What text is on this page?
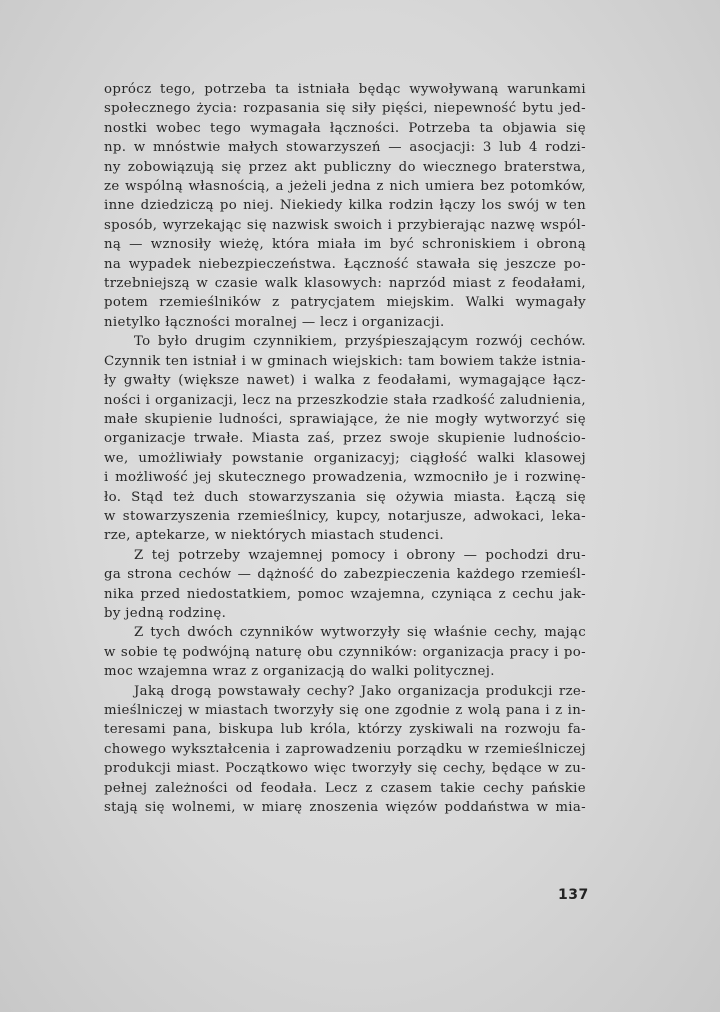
oprócz tego, potrzeba ta istniała będąc wywoływaną warunkami
społecznego życia: rozpasania się siły pięści, niepewność bytu jed-
nostki wobec tego wymagała łączności. Potrzeba ta objawia się
np. w mnóstwie małych stowarzyszeń — asocjacji: 3 lub 4 rodzi-
ny zobowiązują się przez akt publiczny do wiecznego braterstwa,
ze wspólną własnością, a jeżeli jedna z nich umiera bez potomków,
inne dziedziczą po niej. Niekiedy kilka rodzin łączy los swój w ten
sposób, wyrzekając się nazwisk swoich i przybierając nazwę wspól-
ną — wznosiły wieżę, która miała im być schroniskiem i obroną
na wypadek niebezpieczeństwa. Łączność stawała się jeszcze po-
trzebniejszą w czasie walk klasowych: naprzód miast z feodałami,
potem rzemieślników z patrycjatem miejskim. Walki wymagały
nietylko łączności moralnej — lecz i organizacji.
To było drugim czynnikiem, przyśpieszającym rozwój cechów.
Czynnik ten istniał i w gminach wiejskich: tam bowiem także istnia-
ły gwałty (większe nawet) i walka z feodałami, wymagające łącz-
ności i organizacji, lecz na przeszkodzie stała rzadkość zaludnienia,
małe skupienie ludności, sprawiające, że nie mogły wytworzyć się
organizacje trwałe. Miasta zaś, przez swoje skupienie ludnościo-
we, umożliwiały powstanie organizacyj; ciągłość walki klasowej
i możliwość jej skutecznego prowadzenia, wzmocniło je i rozwinę-
ło. Stąd też duch stowarzyszania się ożywia miasta. Łączą się
w stowarzyszenia rzemieślnicy, kupcy, notarjusze, adwokaci, leka-
rze, aptekarze, w niektórych miastach studenci.
Z tej potrzeby wzajemnej pomocy i obrony — pochodzi dru-
ga strona cechów — dążność do zabezpieczenia każdego rzemieśl-
nika przed niedostatkiem, pomoc wzajemna, czyniąca z cechu jak-
by jedną rodzinę.
Z tych dwóch czynników wytworzyły się właśnie cechy, mając
w sobie tę podwójną naturę obu czynników: organizacja pracy i po-
moc wzajemna wraz z organizacją do walki politycznej.
Jaką drogą powstawały cechy? Jako organizacja produkcji rze-
mieślniczej w miastach tworzyły się one zgodnie z wolą pana i z in-
teresami pana, biskupa lub króla, którzy zyskiwali na rozwoju fa-
chowego wykształcenia i zaprowadzeniu porządku w rzemieślniczej
produkcji miast. Początkowo więc tworzyły się cechy, będące w zu-
pełnej zależności od feodała. Lecz z czasem takie cechy pańskie
stają się wolnemi, w miarę znoszenia więzów poddaństwa w mia-
137
